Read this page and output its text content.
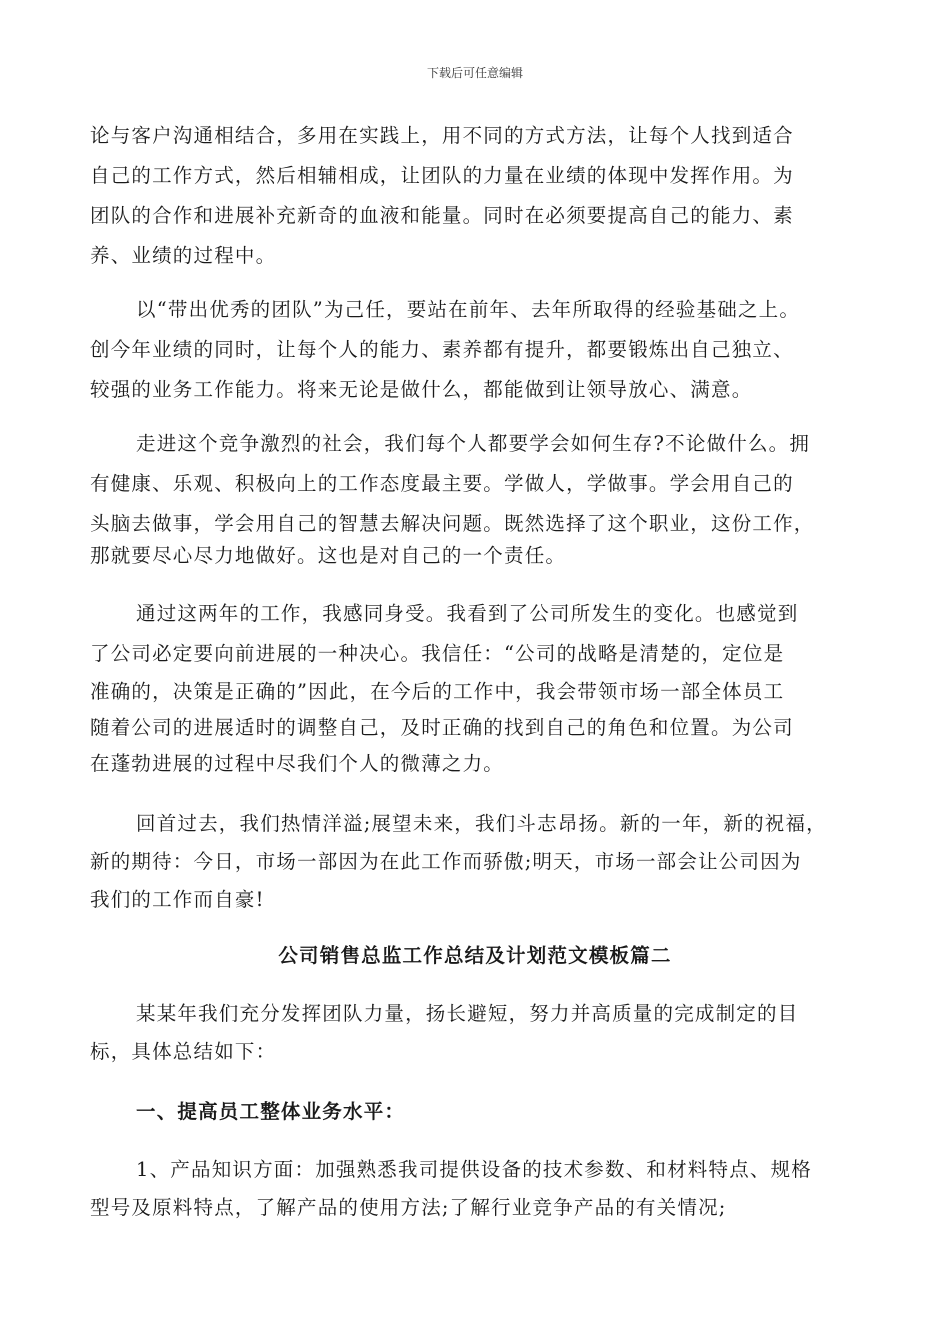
下载后可任意编辑
论与客户沟通相结合，多用在实践上，用不同的方式方法，让每个人找到适合
自己的工作方式，然后相辅相成，让团队的力量在业绩的体现中发挥作用。为
团队的合作和进展补充新奇的血液和能量。同时在必须要提高自己的能力、素
养、业绩的过程中。
以“带出优秀的团队”为己任，要站在前年、去年所取得的经验基础之上。
创今年业绩的同时，让每个人的能力、素养都有提升，都要锻炼出自己独立、
较强的业务工作能力。将来无论是做什么，都能做到让领导放心、满意。
走进这个竞争激烈的社会，我们每个人都要学会如何生存?不论做什么。拥
有健康、乐观、积极向上的工作态度最主要。学做人，学做事。学会用自己的
头脑去做事，学会用自己的智慧去解决问题。既然选择了这个职业，这份工作，
那就要尽心尽力地做好。这也是对自己的一个责任。
通过这两年的工作，我感同身受。我看到了公司所发生的变化。也感觉到
了公司必定要向前进展的一种决心。我信任：“公司的战略是清楚的，定位是
准确的，决策是正确的”因此，在今后的工作中，我会带领市场一部全体员工
随着公司的进展适时的调整自己，及时正确的找到自己的角色和位置。为公司
在蓬勃进展的过程中尽我们个人的微薄之力。
回首过去，我们热情洋溢;展望未来，我们斗志昂扬。新的一年，新的祝福，
新的期待：今日，市场一部因为在此工作而骄傲;明天，市场一部会让公司因为
我们的工作而自豪!
公司销售总监工作总结及计划范文模板篇二
某某年我们充分发挥团队力量，扬长避短，努力并高质量的完成制定的目
标，具体总结如下：
一、提高员工整体业务水平：
1、产品知识方面：加强熟悉我司提供设备的技术参数、和材料特点、规格
型号及原料特点，了解产品的使用方法;了解行业竞争产品的有关情况;
